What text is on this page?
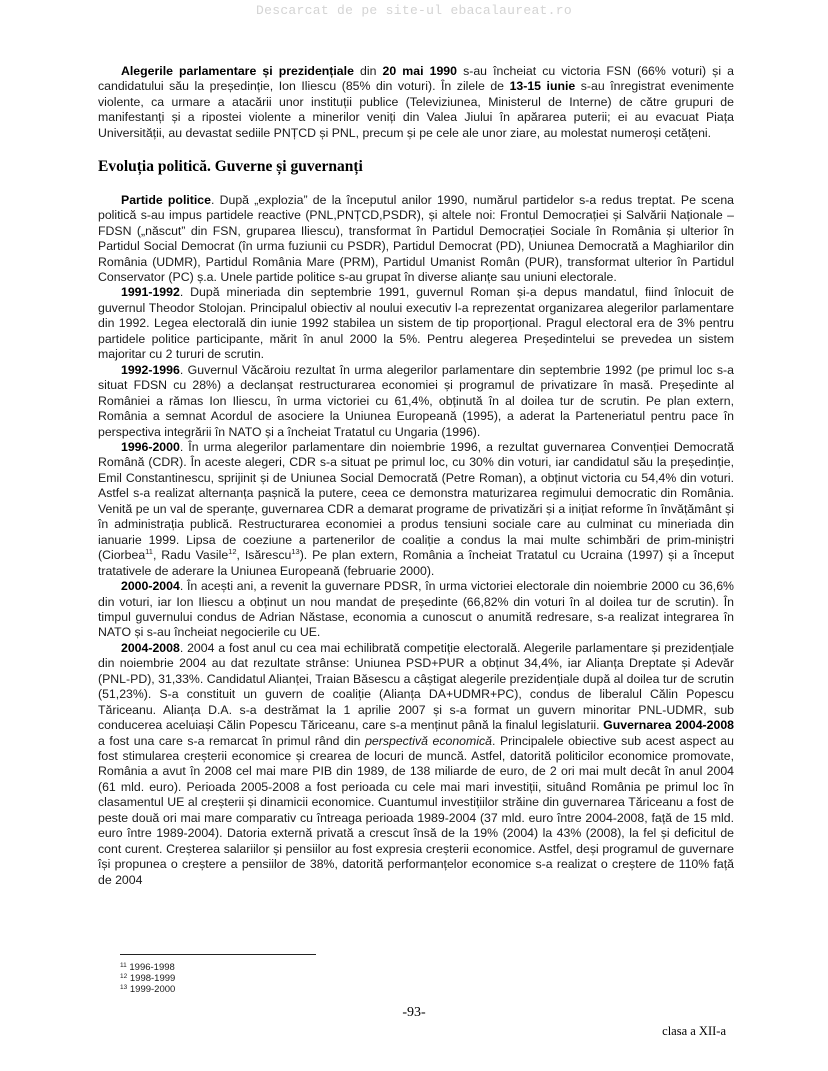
Descarcat de pe site-ul ebacalaureat.ro

Alegerile parlamentare și prezidențiale din 20 mai 1990 s-au încheiat cu victoria FSN (66% voturi) și a candidatului său la președinție, Ion Iliescu (85% din voturi). În zilele de 13-15 iunie s-au înregistrat evenimente violente, ca urmare a atacării unor instituții publice (Televiziunea, Ministerul de Interne) de către grupuri de manifestanți și a ripostei violente a minerilor veniți din Valea Jiului în apărarea puterii; ei au evacuat Piața Universității, au devastat sediile PNȚCD și PNL, precum și pe cele ale unor ziare, au molestat numeroși cetățeni.

Evoluția politică. Guverne și guvernanți

Partide politice. După „explozia” de la începutul anilor 1990, numărul partidelor s-a redus treptat. Pe scena politică s-au impus partidele reactive (PNL,PNȚCD,PSDR), și altele noi: Frontul Democrației și Salvării Naționale – FDSN („născut” din FSN, gruparea Iliescu), transformat în Partidul Democrației Sociale în România și ulterior în Partidul Social Democrat (în urma fuziunii cu PSDR), Partidul Democrat (PD), Uniunea Democrată a Maghiarilor din România (UDMR), Partidul România Mare (PRM), Partidul Umanist Român (PUR), transformat ulterior în Partidul Conservator (PC) ș.a. Unele partide politice s-au grupat în diverse alianțe sau uniuni electorale.

1991-1992. După mineriada din septembrie 1991, guvernul Roman și-a depus mandatul, fiind înlocuit de guvernul Theodor Stolojan. Principalul obiectiv al noului executiv l-a reprezentat organizarea alegerilor parlamentare din 1992. Legea electorală din iunie 1992 stabilea un sistem de tip proporțional. Pragul electoral era de 3% pentru partidele politice participante, mărit în anul 2000 la 5%. Pentru alegerea Președintelui se prevedea un sistem majoritar cu 2 tururi de scrutin.

1992-1996. Guvernul Văcăroiu rezultat în urma alegerilor parlamentare din septembrie 1992 (pe primul loc s-a situat FDSN cu 28%) a declanșat restructurarea economiei și programul de privatizare în masă. Președinte al României a rămas Ion Iliescu, în urma victoriei cu 61,4%, obținută în al doilea tur de scrutin. Pe plan extern, România a semnat Acordul de asociere la Uniunea Europeană (1995), a aderat la Parteneriatul pentru pace în perspectiva integrării în NATO și a încheiat Tratatul cu Ungaria (1996).

1996-2000. În urma alegerilor parlamentare din noiembrie 1996, a rezultat guvernarea Convenției Democrată Română (CDR). În aceste alegeri, CDR s-a situat pe primul loc, cu 30% din voturi, iar candidatul său la președinție, Emil Constantinescu, sprijinit și de Uniunea Social Democrată (Petre Roman), a obținut victoria cu 54,4% din voturi. Astfel s-a realizat alternanța pașnică la putere, ceea ce demonstra maturizarea regimului democratic din România. Venită pe un val de speranțe, guvernarea CDR a demarat programe de privatizări și a inițiat reforme în învățământ și în administrația publică. Restructurarea economiei a produs tensiuni sociale care au culminat cu mineriada din ianuarie 1999. Lipsa de coeziune a partenerilor de coaliție a condus la mai multe schimbări de prim-miniștri (Ciorbea$^{11}$, Radu Vasile$^{12}$, Isărescu$^{13}$). Pe plan extern, România a încheiat Tratatul cu Ucraina (1997) și a început tratativele de aderare la Uniunea Europeană (februarie 2000).

2000-2004. În acești ani, a revenit la guvernare PDSR, în urma victoriei electorale din noiembrie 2000 cu 36,6% din voturi, iar Ion Iliescu a obținut un nou mandat de președinte (66,82% din voturi în al doilea tur de scrutin). În timpul guvernului condus de Adrian Năstase, economia a cunoscut o anumită redresare, s-a realizat integrarea în NATO și s-au încheiat negocierile cu UE.

2004-2008. 2004 a fost anul cu cea mai echilibrată competiție electorală. Alegerile parlamentare și prezidențiale din noiembrie 2004 au dat rezultate strânse: Uniunea PSD+PUR a obținut 34,4%, iar Alianța Dreptate și Adevăr (PNL-PD), 31,33%. Candidatul Alianței, Traian Băsescu a câștigat alegerile prezidențiale după al doilea tur de scrutin (51,23%). S-a constituit un guvern de coaliție (Alianța DA+UDMR+PC), condus de liberalul Călin Popescu Tăriceanu. Alianța D.A. s-a destrămat la 1 aprilie 2007 și s-a format un guvern minoritar PNL-UDMR, sub conducerea aceluiași Călin Popescu Tăriceanu, care s-a menținut până la finalul legislaturii. Guvernarea 2004-2008 a fost una care s-a remarcat în primul rând din perspectivă economică. Principalele obiective sub acest aspect au fost stimularea creșterii economice și crearea de locuri de muncă. Astfel, datorită politicilor economice promovate, România a avut în 2008 cel mai mare PIB din 1989, de 138 miliarde de euro, de 2 ori mai mult decât în anul 2004 (61 mld. euro). Perioada 2005-2008 a fost perioada cu cele mai mari investiții, situând România pe primul loc în clasamentul UE al creșterii și dinamicii economice. Cuantumul investițiilor străine din guvernarea Tăriceanu a fost de peste două ori mai mare comparativ cu întreaga perioada 1989-2004 (37 mld. euro între 2004-2008, față de 15 mld. euro între 1989-2004). Datoria externă privată a crescut însă de la 19% (2004) la 43% (2008), la fel și deficitul de cont curent. Creșterea salariilor și pensiilor au fost expresia creșterii economice. Astfel, deși programul de guvernare își propunea o creștere a pensiilor de 38%, datorită performanțelor economice s-a realizat o creștere de 110% față de 2004

$^{11}$ 1996-1998
$^{12}$ 1998-1999
$^{13}$ 1999-2000
-93-
clasa a XII-a
